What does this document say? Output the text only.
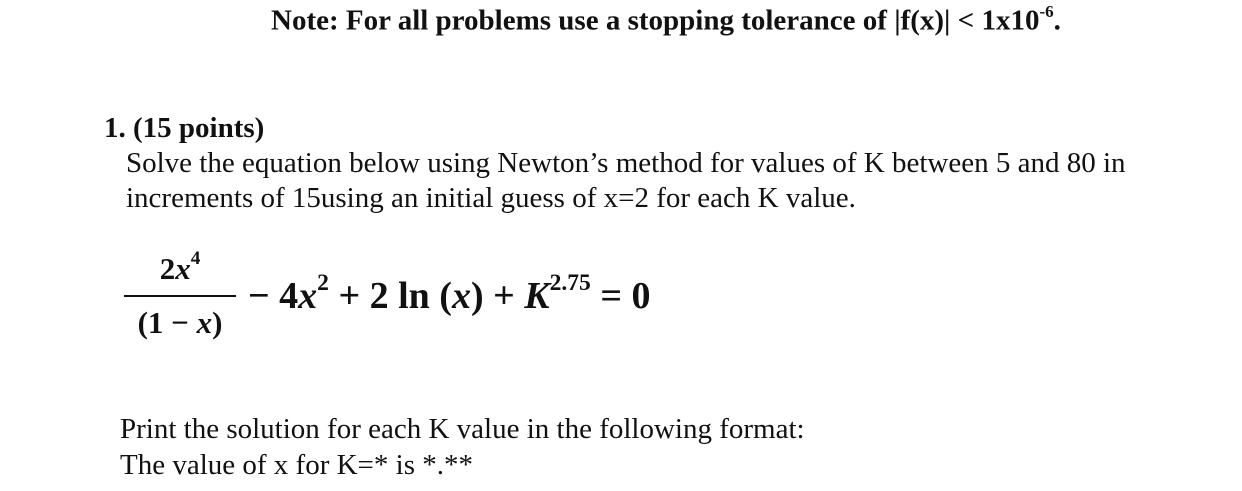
Note: For all problems use a stopping tolerance of $|f(x)| < 1x10^{-6}$.
1. (15 points)
Solve the equation below using Newton’s method for values of K between 5 and 80 in increments of 15using an initial guess of x=2 for each K value.
$\frac{2x^4}{(1 - x)} - 4x^2 + 2$ $\ln (x) + K^{2.75} = 0$
Print the solution for each K value in the following format:
The value of x for K=* is *.**
